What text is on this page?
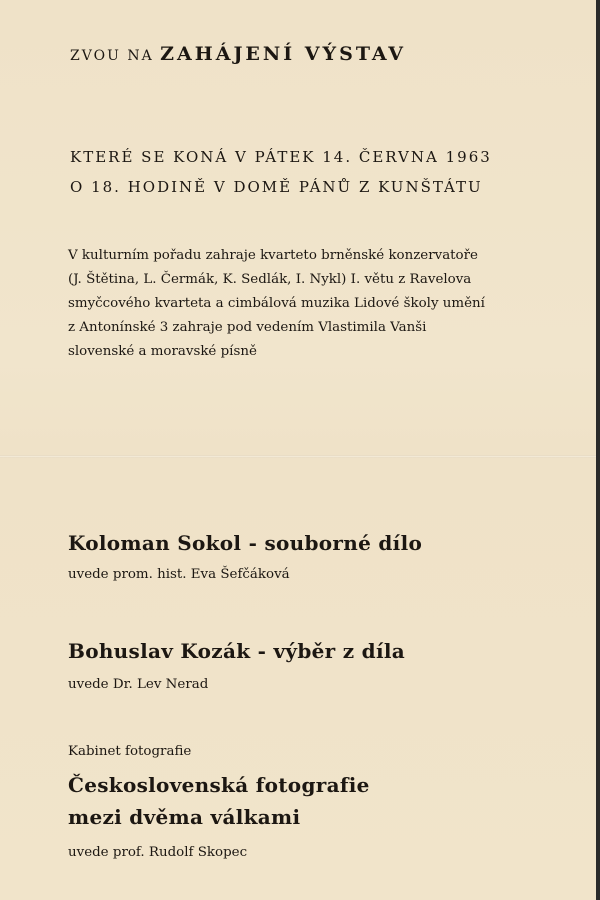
ZVOU NA ZAHÁJENÍ VÝSTAV
KTERÉ SE KONÁ V PÁTEK 14. ČERVNA 1963
O 18. HODINĚ V DOMĚ PÁNŮ Z KUNŠTÁTU
V kulturním pořadu zahraje kvarteto brněnské konzervatoře
(J. Štětina, L. Čermák, K. Sedlák, I. Nykl) I. větu z Ravelova
smyčcového kvarteta a cimbálová muzika Lidové školy umění
z Antonínské 3 zahraje pod vedením Vlastimila Vanši
slovenské a moravské písně
Koloman Sokol - souborné dílo
uvede prom. hist. Eva Šefčáková
Bohuslav Kozák - výběr z díla
uvede Dr. Lev Nerad
Kabinet fotografie
Československá fotografie
mezi dvěma válkami
uvede prof. Rudolf Skopec
